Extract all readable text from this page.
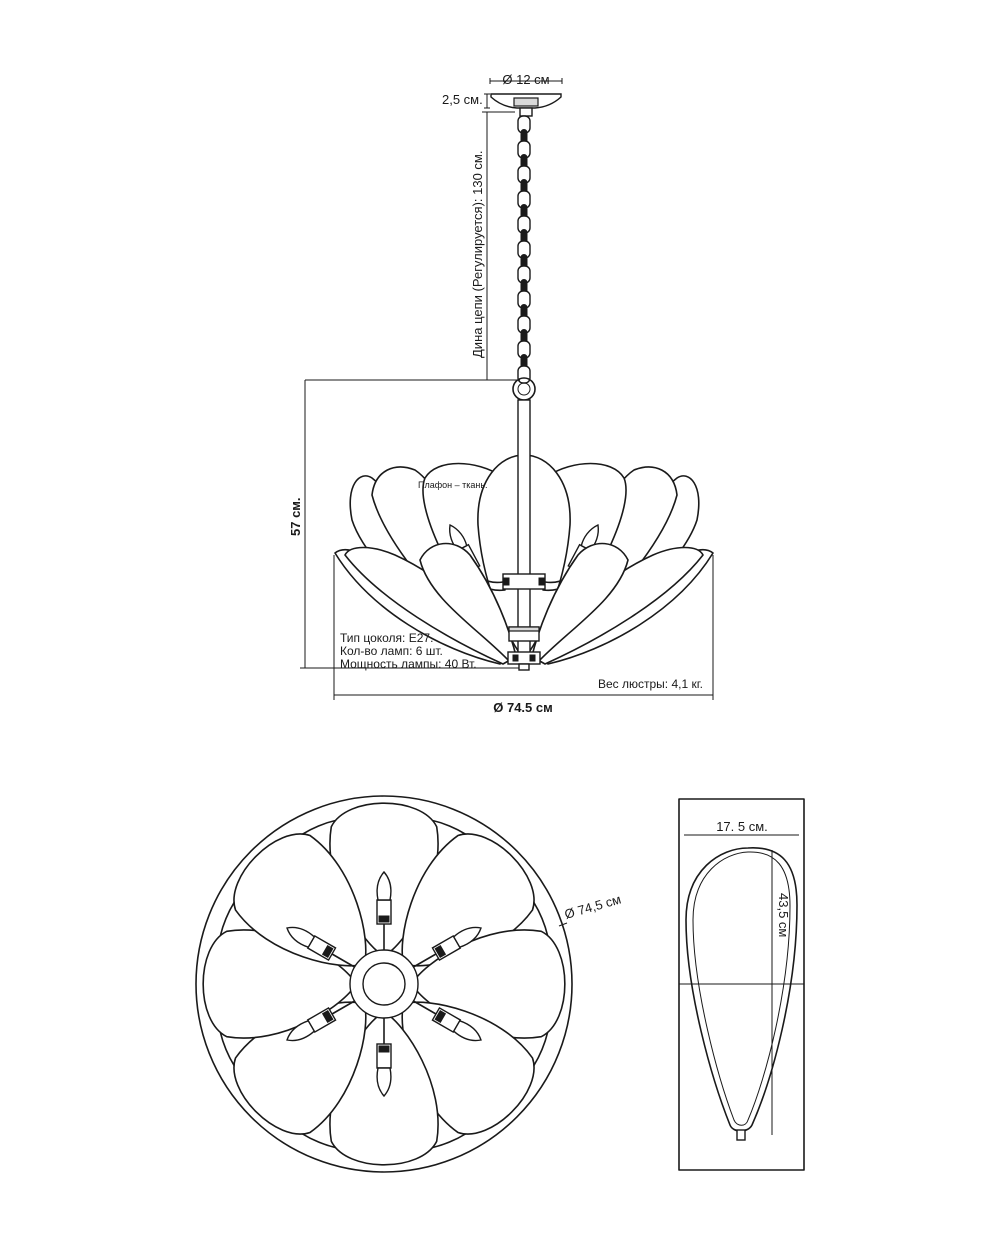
Ø 12 см
2,5 см.
Дина цепи (Регулируется): 130 см.
57 см.
Плафон – ткань.
Тип цоколя: E27.
Кол-во ламп: 6 шт.
Мощность лампы: 40 Вт.
Вес люстры: 4,1 кг.
Ø 74.5 см
Ø 74,5 см
17. 5 см.
43,5 см
